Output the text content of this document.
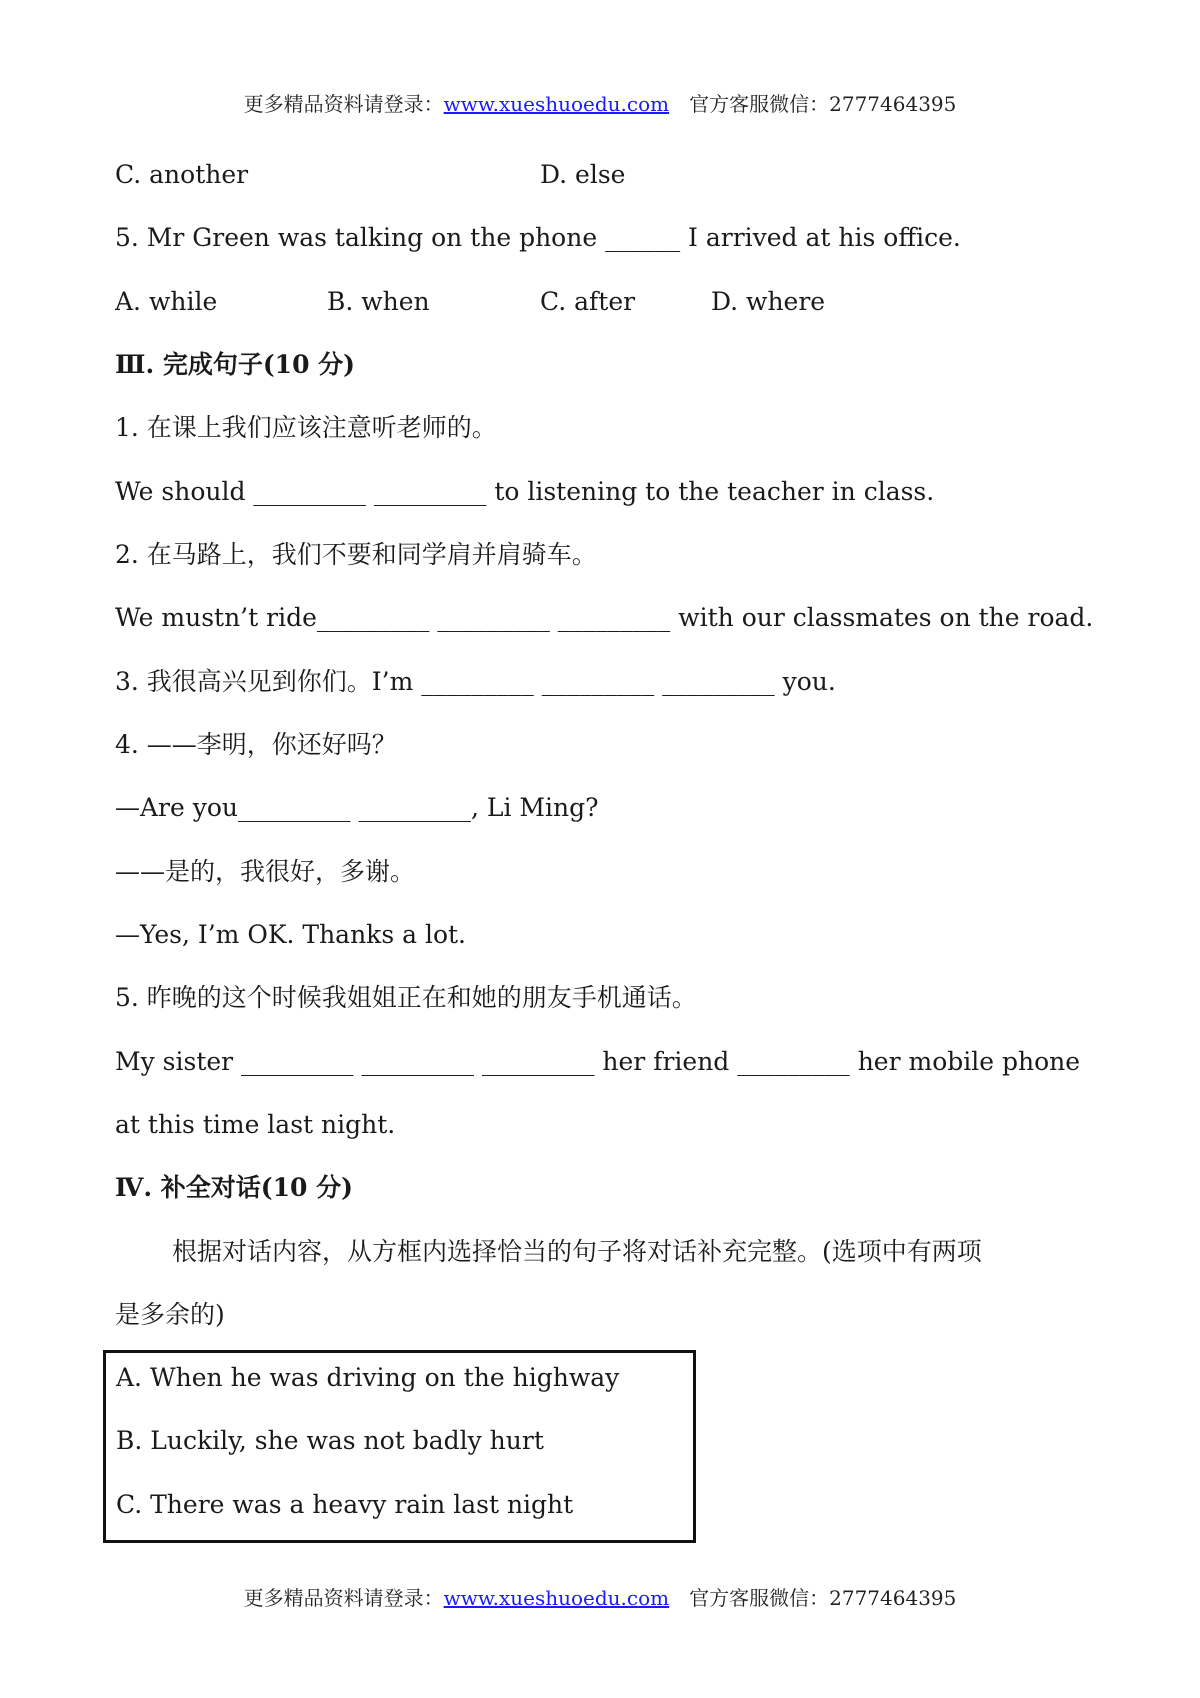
更多精品资料请登录：www.xueshuoedu.com 官方客服微信：2777464395
C. another	D. else
5. Mr Green was talking on the phone ______ I arrived at his office.
A. while	B. when	C. after	D. where
Ⅲ. 完成句子(10 分)
1. 在课上我们应该注意听老师的。
We should _________ _________ to listening to the teacher in class.
2. 在马路上，我们不要和同学肩并肩骑车。
We mustn’t ride_________ _________ _________ with our classmates on the road.
3. 我很高兴见到你们。I’m _________ _________ _________ you.
4. ——李明，你还好吗？
—Are you_________ _________, Li Ming?
——是的，我很好，多谢。
—Yes, I’m OK. Thanks a lot.
5. 昨晚的这个时候我姐姐正在和她的朋友手机通话。
My sister _________ _________ _________ her friend _________ her mobile phone
at this time last night.
Ⅳ. 补全对话(10 分)
根据对话内容，从方框内选择恰当的句子将对话补充完整。(选项中有两项
是多余的)
A. When he was driving on the highway
B. Luckily, she was not badly hurt
C. There was a heavy rain last night
更多精品资料请登录：www.xueshuoedu.com 官方客服微信：2777464395
